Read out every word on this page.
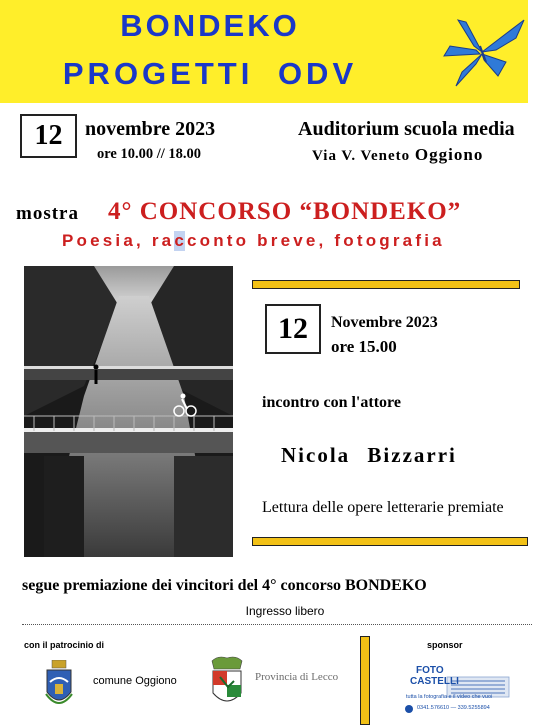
BONDEKO
PROGETTI ODV
12	novembre 2023
ore 10.00 // 18.00
Auditorium scuola media
Via V. Veneto Oggiono
mostra 4° CONCORSO “BONDEKO”
Poesia, racconto breve, fotografia
12	Novembre 2023
ore 15.00
incontro con l'attore
Nicola Bizzarri
Lettura delle opere letterarie premiate
segue premiazione dei vincitori del 4° concorso BONDEKO
Ingresso libero
con il patrocinio di	sponsor
comune Oggiono	Provincia di Lecco
FOTO
CASTELLI
tutta la fotografia e il video che vuoi
0341.576610 — 339.5255894
